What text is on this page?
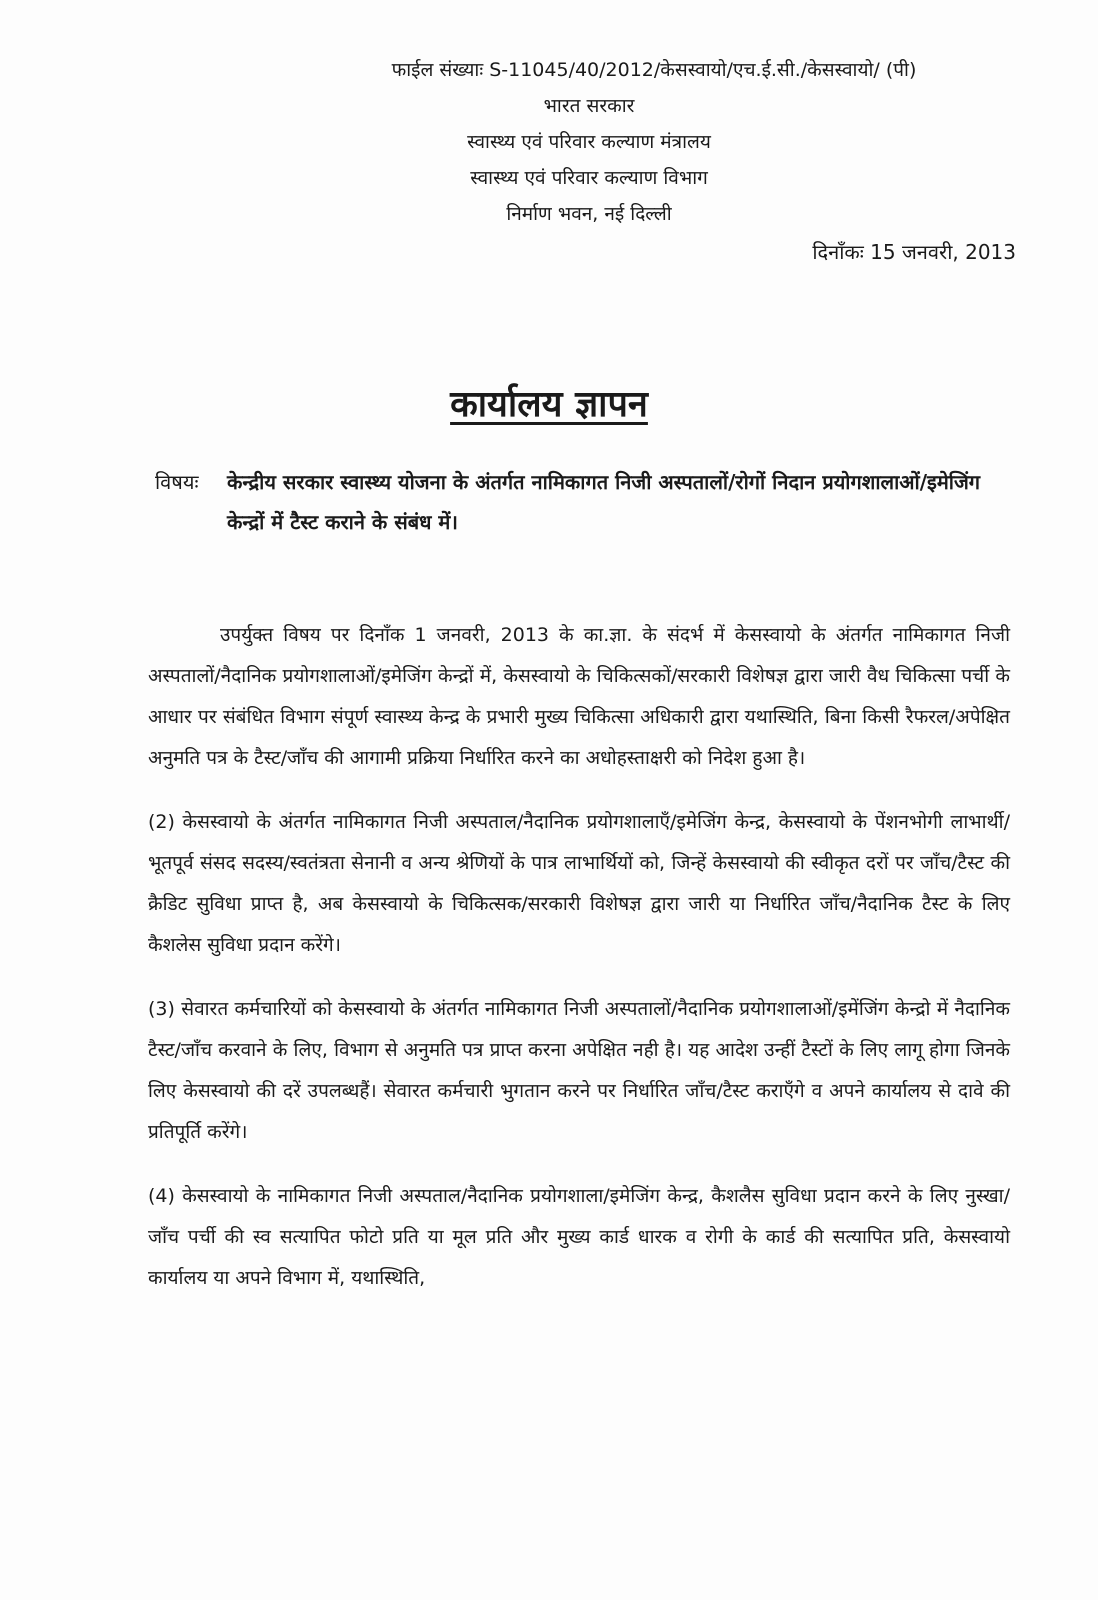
फाईल संख्याः S-11045/40/2012/केसस्वायो/एच.ई.सी./केसस्वायो/ (पी)
भारत सरकार
स्वास्थ्य एवं परिवार कल्याण मंत्रालय
स्वास्थ्य एवं परिवार कल्याण विभाग
निर्माण भवन, नई दिल्ली
दिनाँकः 15 जनवरी, 2013
कार्यालय ज्ञापन
विषयः केन्द्रीय सरकार स्वास्थ्य योजना के अंतर्गत नामिकागत निजी अस्पतालों/रोगों निदान प्रयोगशालाओं/इमेजिंग केन्द्रों में टैस्ट कराने के संबंध में।

उपर्युक्त विषय पर दिनाँक 1 जनवरी, 2013 के का.ज्ञा. के संदर्भ में केसस्वायो के अंतर्गत नामिकागत निजी अस्पतालों/नैदानिक प्रयोगशालाओं/इमेजिंग केन्द्रों में, केसस्वायो के चिकित्सकों/सरकारी विशेषज्ञ द्वारा जारी वैध चिकित्सा पर्ची के आधार पर संबंधित विभाग संपूर्ण स्वास्थ्य केन्द्र के प्रभारी मुख्य चिकित्सा अधिकारी द्वारा यथास्थिति, बिना किसी रैफरल/अपेक्षित अनुमति पत्र के टैस्ट/जाँच की आगामी प्रक्रिया निर्धारित करने का अधोहस्ताक्षरी को निदेश हुआ है।

(2) केसस्वायो के अंतर्गत नामिकागत निजी अस्पताल/नैदानिक प्रयोगशालाएँ/इमेजिंग केन्द्र, केसस्वायो के पेंशनभोगी लाभार्थी/भूतपूर्व संसद सदस्य/स्वतंत्रता सेनानी व अन्य श्रेणियों के पात्र लाभार्थियों को, जिन्हें केसस्वायो की स्वीकृत दरों पर जाँच/टैस्ट की क्रैडिट सुविधा प्राप्त है, अब केसस्वायो के चिकित्सक/सरकारी विशेषज्ञ द्वारा जारी या निर्धारित जाँच/नैदानिक टैस्ट के लिए कैशलेस सुविधा प्रदान करेंगे।

(3) सेवारत कर्मचारियों को केसस्वायो के अंतर्गत नामिकागत निजी अस्पतालों/नैदानिक प्रयोगशालाओं/इमेंजिंग केन्द्रो में नैदानिक टैस्ट/जाँच करवाने के लिए, विभाग से अनुमति पत्र प्राप्त करना अपेक्षित नही है। यह आदेश उन्हीं टैस्टों के लिए लागू होगा जिनके लिए केसस्वायो की दरें उपलब्धहैं। सेवारत कर्मचारी भुगतान करने पर निर्धारित जाँच/टैस्ट कराएँगे व अपने कार्यालय से दावे की प्रतिपूर्ति करेंगे।

(4) केसस्वायो के नामिकागत निजी अस्पताल/नैदानिक प्रयोगशाला/इमेजिंग केन्द्र, कैशलैस सुविधा प्रदान करने के लिए नुस्खा/जाँच पर्ची की स्व सत्यापित फोटो प्रति या मूल प्रति और मुख्य कार्ड धारक व रोगी के कार्ड की सत्यापित प्रति, केसस्वायो कार्यालय या अपने विभाग में, यथास्थिति,
